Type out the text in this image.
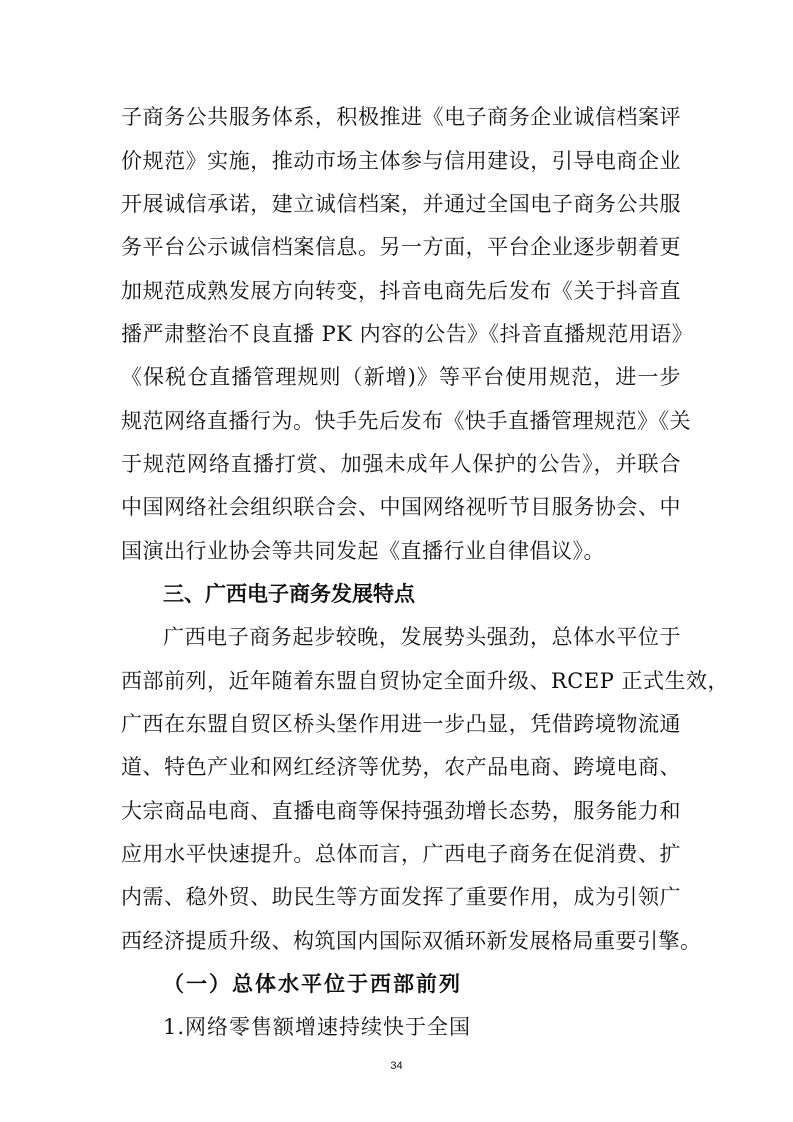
子商务公共服务体系，积极推进《电子商务企业诚信档案评
价规范》实施，推动市场主体参与信用建设，引导电商企业
开展诚信承诺，建立诚信档案，并通过全国电子商务公共服
务平台公示诚信档案信息。另一方面，平台企业逐步朝着更
加规范成熟发展方向转变，抖音电商先后发布《关于抖音直
播严肃整治不良直播 PK 内容的公告》《抖音直播规范用语》
《保税仓直播管理规则（新增)》等平台使用规范，进一步
规范网络直播行为。快手先后发布《快手直播管理规范》《关
于规范网络直播打赏、加强未成年人保护的公告》，并联合
中国网络社会组织联合会、中国网络视听节目服务协会、中
国演出行业协会等共同发起《直播行业自律倡议》。
三、广西电子商务发展特点
广西电子商务起步较晚，发展势头强劲，总体水平位于
西部前列，近年随着东盟自贸协定全面升级、RCEP 正式生效，
广西在东盟自贸区桥头堡作用进一步凸显，凭借跨境物流通
道、特色产业和网红经济等优势，农产品电商、跨境电商、
大宗商品电商、直播电商等保持强劲增长态势，服务能力和
应用水平快速提升。总体而言，广西电子商务在促消费、扩
内需、稳外贸、助民生等方面发挥了重要作用，成为引领广
西经济提质升级、构筑国内国际双循环新发展格局重要引擎。
（一）总体水平位于西部前列
1.网络零售额增速持续快于全国
34
